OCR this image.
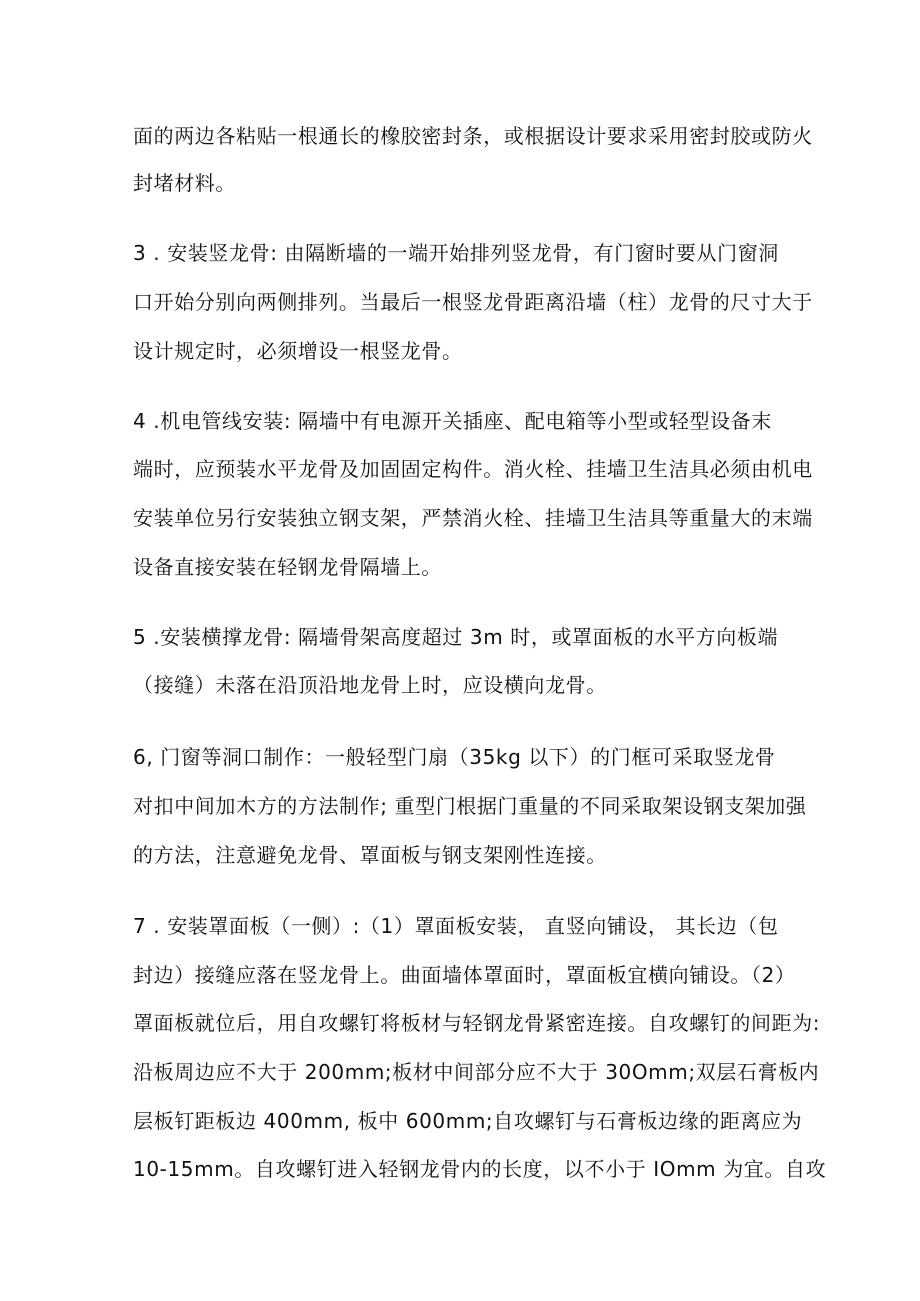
面的两边各粘贴一根通长的橡胶密封条，或根据设计要求采用密封胶或防火
封堵材料。
3 . 安装竖龙骨: 由隔断墙的一端开始排列竖龙骨，有门窗时要从门窗洞
口开始分别向两侧排列。当最后一根竖龙骨距离沿墙（柱）龙骨的尺寸大于
设计规定时，必须增设一根竖龙骨。
4 .机电管线安装: 隔墙中有电源开关插座、配电箱等小型或轻型设备末
端时，应预装水平龙骨及加固固定构件。消火栓、挂墙卫生洁具必须由机电
安装单位另行安装独立钢支架，严禁消火栓、挂墙卫生洁具等重量大的末端
设备直接安装在轻钢龙骨隔墙上。
5 .安装横撑龙骨: 隔墙骨架高度超过 3m 时，或罩面板的水平方向板端
（接缝）未落在沿顶沿地龙骨上时，应设横向龙骨。
6, 门窗等洞口制作：一般轻型门扇（35kg 以下）的门框可采取竖龙骨
对扣中间加木方的方法制作; 重型门根据门重量的不同采取架设钢支架加强
的方法，注意避免龙骨、罩面板与钢支架刚性连接。
7 . 安装罩面板（一侧）:（1）罩面板安装， 直竖向铺设， 其长边（包
封边）接缝应落在竖龙骨上。曲面墙体罩面时，罩面板宜横向铺设。（2）
罩面板就位后，用自攻螺钉将板材与轻钢龙骨紧密连接。自攻螺钉的间距为:
沿板周边应不大于 200mm;板材中间部分应不大于 30Omm;双层石膏板内
层板钉距板边 400mm, 板中 600mm;自攻螺钉与石膏板边缘的距离应为
10-15mm。自攻螺钉进入轻钢龙骨内的长度，以不小于 IOmm 为宜。自攻
